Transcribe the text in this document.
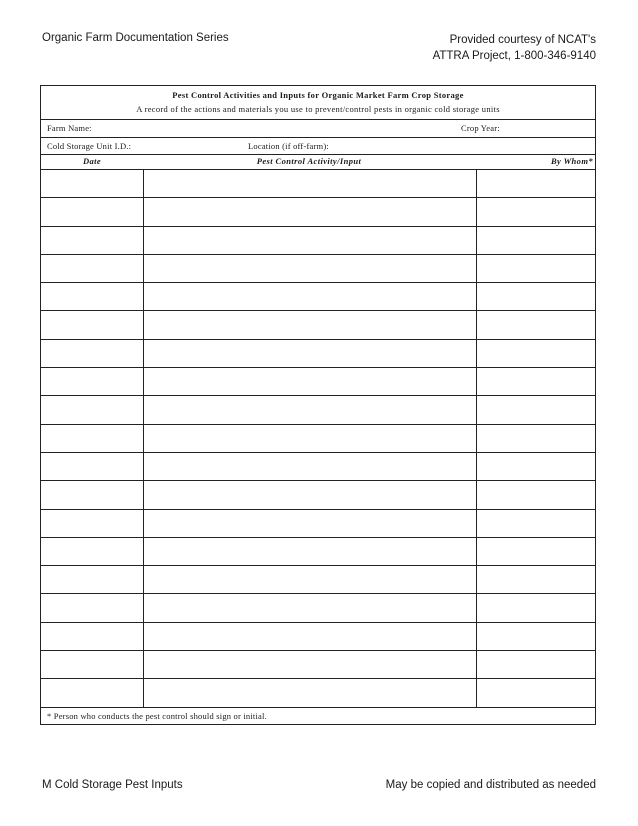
Organic Farm Documentation Series	Provided courtesy of NCAT's
ATTRA Project, 1-800-346-9140
Pest Control Activities and Inputs for Organic Market Farm Crop Storage
A record of the actions and materials you use to prevent/control pests in organic cold storage units
Farm Name:	Crop Year:
Cold Storage Unit I.D.:	Location (if off-farm):
Date	Pest Control Activity/Input	By Whom*

* Person who conducts the pest control should sign or initial.
M Cold Storage Pest Inputs	May be copied and distributed as needed
